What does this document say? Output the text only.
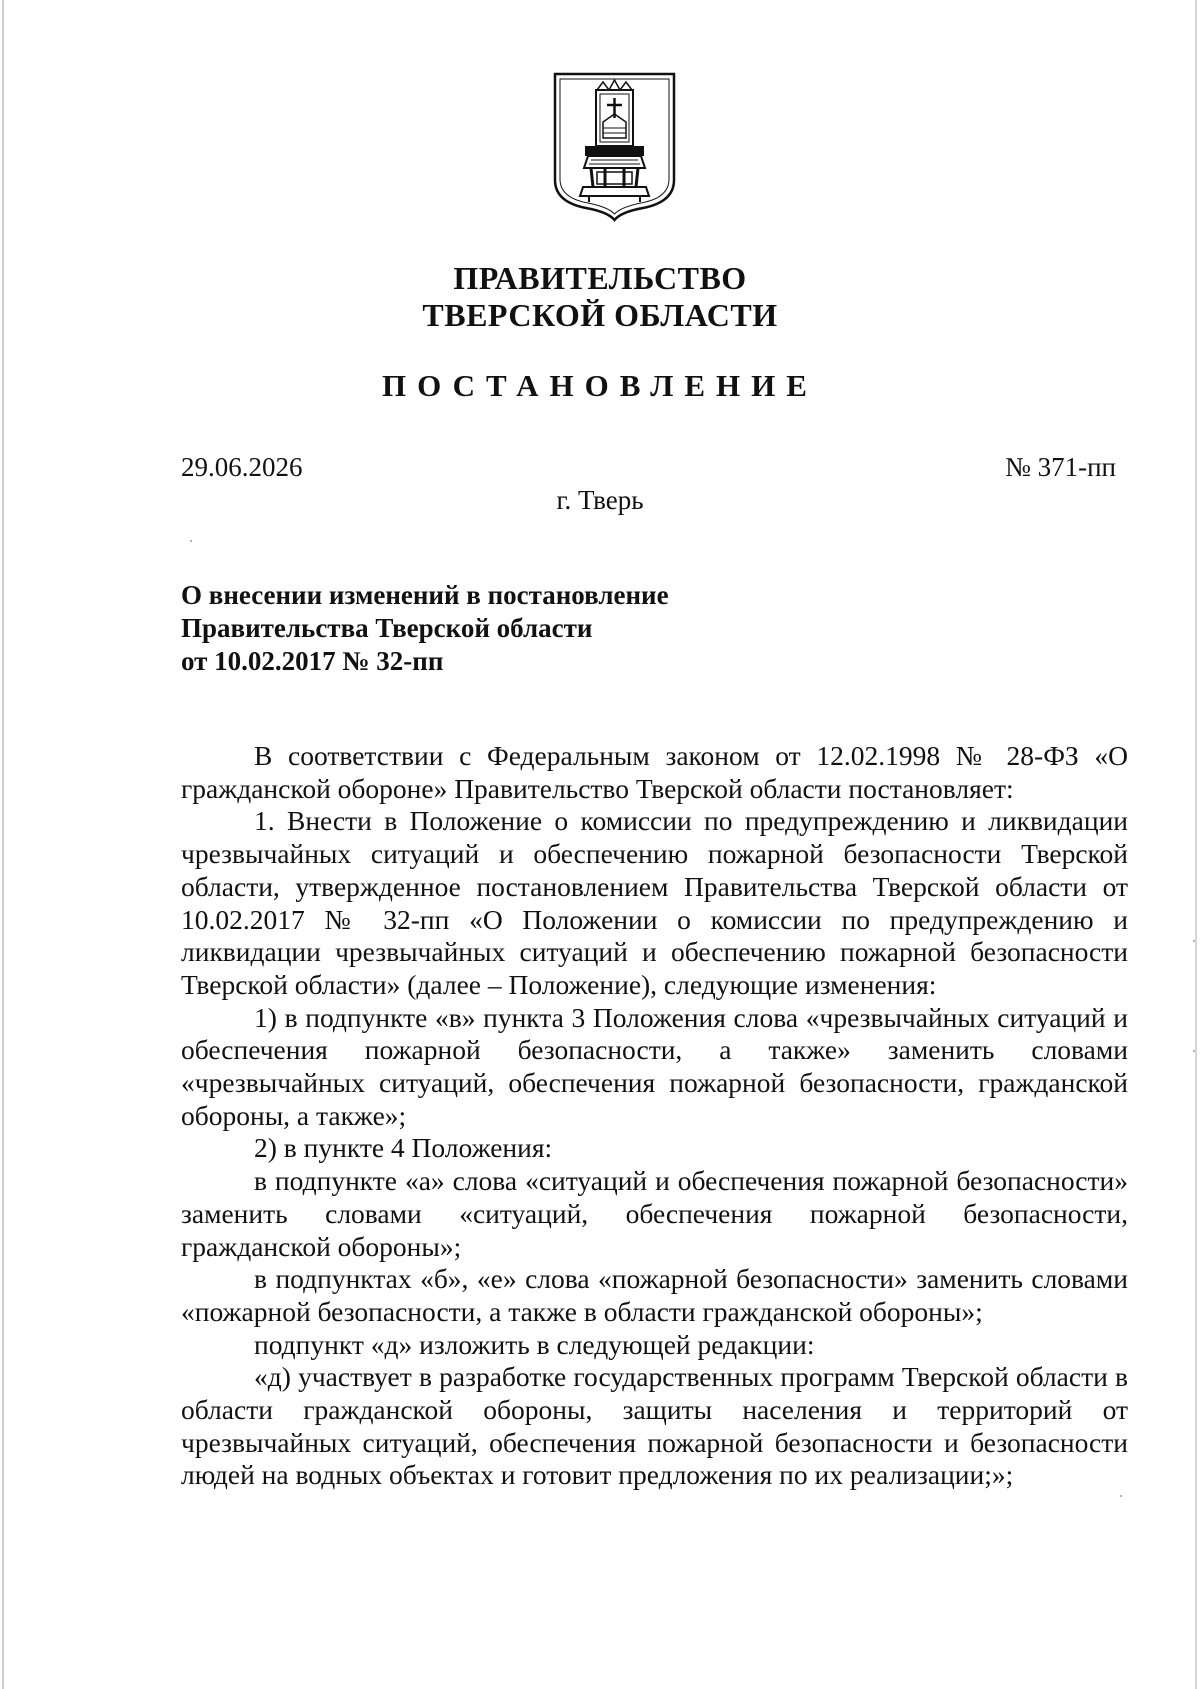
ПРАВИТЕЛЬСТВО
ТВЕРСКОЙ ОБЛАСТИ
ПОСТАНОВЛЕНИЕ
29.06.2026	№ 371-пп
г. Тверь
О внесении изменений в постановление
Правительства Тверской области
от 10.02.2017 № 32-пп

В соответствии с Федеральным законом от 12.02.1998 № 28-ФЗ «О гражданской обороне» Правительство Тверской области постановляет:

1. Внести в Положение о комиссии по предупреждению и ликвидации чрезвычайных ситуаций и обеспечению пожарной безопасности Тверской области, утвержденное постановлением Правительства Тверской области от 10.02.2017 № 32-пп «О Положении о комиссии по предупреждению и ликвидации чрезвычайных ситуаций и обеспечению пожарной безопасности Тверской области» (далее – Положение), следующие изменения:

1) в подпункте «в» пункта 3 Положения слова «чрезвычайных ситуаций и обеспечения пожарной безопасности, а также» заменить словами «чрезвычайных ситуаций, обеспечения пожарной безопасности, гражданской обороны, а также»;

2) в пункте 4 Положения:

в подпункте «а» слова «ситуаций и обеспечения пожарной безопасности» заменить словами «ситуаций, обеспечения пожарной безопасности, гражданской обороны»;

в подпунктах «б», «е» слова «пожарной безопасности» заменить словами «пожарной безопасности, а также в области гражданской обороны»;

подпункт «д» изложить в следующей редакции:

«д) участвует в разработке государственных программ Тверской области в области гражданской обороны, защиты населения и территорий от чрезвычайных ситуаций, обеспечения пожарной безопасности и безопасности людей на водных объектах и готовит предложения по их реализации;»;
